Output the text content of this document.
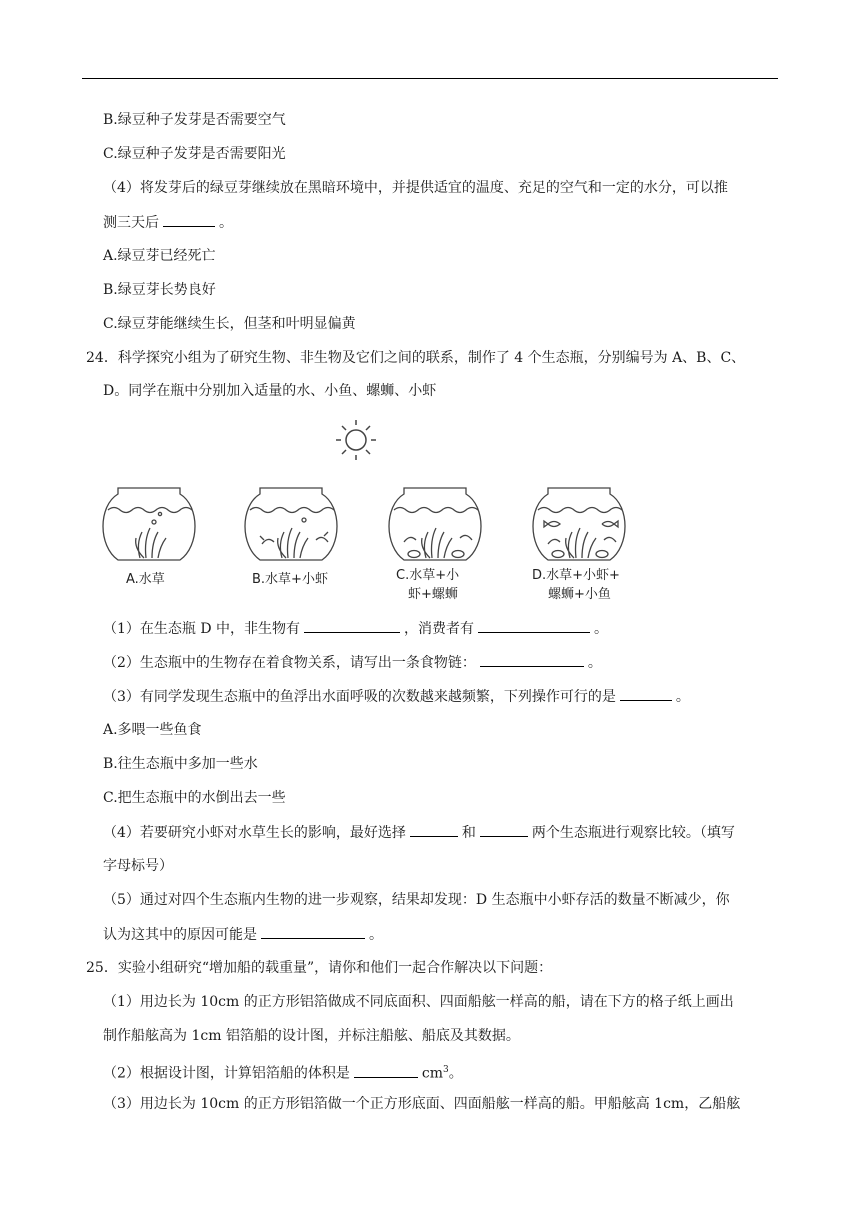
B.绿豆种子发芽是否需要空气
C.绿豆种子发芽是否需要阳光
（4）将发芽后的绿豆芽继续放在黑暗环境中，并提供适宜的温度、充足的空气和一定的水分，可以推
测三天后	。
A.绿豆芽已经死亡
B.绿豆芽长势良好
C.绿豆芽能继续生长，但茎和叶明显偏黄
24．科学探究小组为了研究生物、非生物及它们之间的联系，制作了 4 个生态瓶，分别编号为 A、B、C、
D。同学在瓶中分别加入适量的水、小鱼、螺蛳、小虾
A.水草	B.水草+小虾	C.水草+小
虾+螺蛳
D.水草+小虾+
螺蛳+小鱼
（1）在生态瓶 D 中，非生物有	，消费者有	。
（2）生态瓶中的生物存在着食物关系，请写出一条食物链：	。
（3）有同学发现生态瓶中的鱼浮出水面呼吸的次数越来越频繁，下列操作可行的是	。
A.多喂一些鱼食
B.往生态瓶中多加一些水
C.把生态瓶中的水倒出去一些
（4）若要研究小虾对水草生长的影响，最好选择	和	两个生态瓶进行观察比较。（填写
字母标号）
（5）通过对四个生态瓶内生物的进一步观察，结果却发现：D 生态瓶中小虾存活的数量不断减少，你
认为这其中的原因可能是	。
25．实验小组研究“增加船的载重量”，请你和他们一起合作解决以下问题：
（1）用边长为 10cm 的正方形铝箔做成不同底面积、四面船舷一样高的船，请在下方的格子纸上画出
制作船舷高为 1cm 铝箔船的设计图，并标注船舷、船底及其数据。
（2）根据设计图，计算铝箔船的体积是	$cm^3$。
（3）用边长为 10cm 的正方形铝箔做一个正方形底面、四面船舷一样高的船。甲船舷高 1cm，乙船舷
